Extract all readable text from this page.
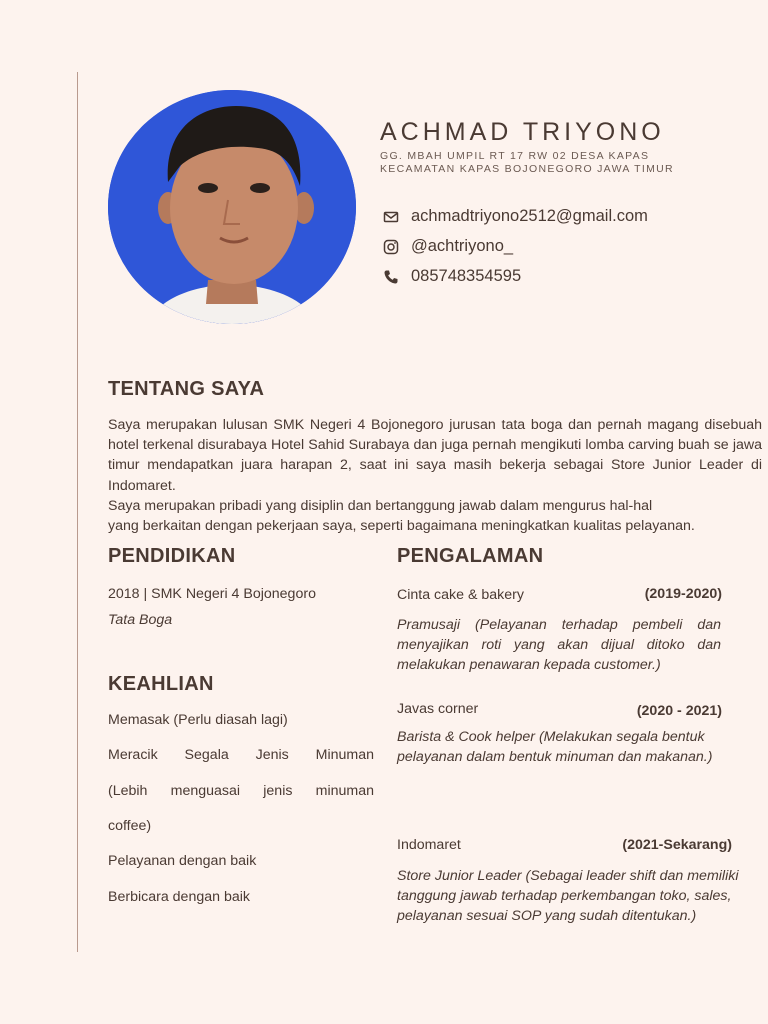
ACHMAD TRIYONO
GG. MBAH UMPIL RT 17 RW 02 DESA KAPAS
KECAMATAN KAPAS BOJONEGORO JAWA TIMUR
achmadtriyono2512@gmail.com
@achtriyono_
085748354595
TENTANG SAYA
Saya merupakan lulusan SMK Negeri 4 Bojonegoro jurusan tata boga dan pernah magang disebuah hotel terkenal disurabaya Hotel Sahid Surabaya dan juga pernah mengikuti lomba carving buah se jawa timur mendapatkan juara harapan 2, saat ini saya masih bekerja sebagai Store Junior Leader di Indomaret.
Saya merupakan pribadi yang disiplin dan bertanggung jawab dalam mengurus hal-hal
yang berkaitan dengan pekerjaan saya, seperti bagaimana meningkatkan kualitas pelayanan.
PENDIDIKAN
2018 | SMK Negeri 4 Bojonegoro
Tata Boga
KEAHLIAN
Memasak (Perlu diasah lagi)
Meracik Segala Jenis Minuman
(Lebih menguasai jenis minuman
coffee)
Pelayanan dengan baik
Berbicara dengan baik
PENGALAMAN
Cinta cake & bakery	(2019-2020)

Pramusaji (Pelayanan terhadap pembeli dan menyajikan roti yang akan dijual ditoko dan melakukan penawaran kepada customer.)

Javas corner	(2020 - 2021)

Barista & Cook helper (Melakukan segala bentuk pelayanan dalam bentuk minuman dan makanan.)

Indomaret	(2021-Sekarang)

Store Junior Leader (Sebagai leader shift dan memiliki tanggung jawab terhadap perkembangan toko, sales, pelayanan sesuai SOP yang sudah ditentukan.)
